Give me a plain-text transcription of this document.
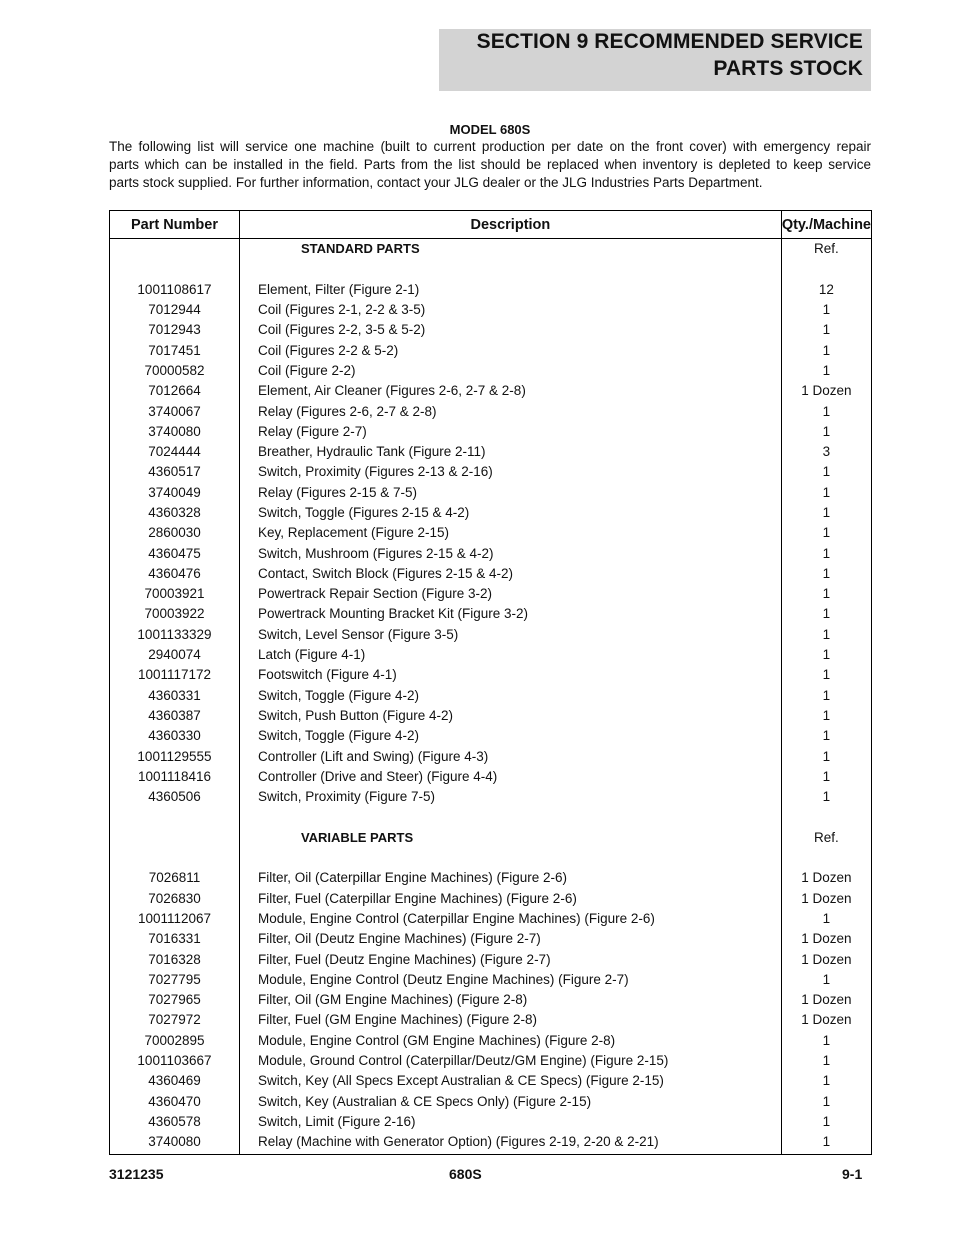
SECTION 9 RECOMMENDED SERVICE
PARTS STOCK
MODEL 680S
The following list will service one machine (built to current production per date on the front cover) with emergency repair
parts which can be installed in the field. Parts from the list should be replaced when inventory is depleted to keep service
parts stock supplied. For further information, contact your JLG dealer or the JLG Industries Parts Department.
Part Number	Description	Qty./Machine
	STANDARD PARTS	Ref.

1001108617	Element, Filter (Figure 2-1)	12
7012944	Coil (Figures 2-1, 2-2 & 3-5)	1
7012943	Coil (Figures 2-2, 3-5 & 5-2)	1
7017451	Coil (Figures 2-2 & 5-2)	1
70000582	Coil (Figure 2-2)	1
7012664	Element, Air Cleaner (Figures 2-6, 2-7 & 2-8)	1 Dozen
3740067	Relay (Figures 2-6, 2-7 & 2-8)	1
3740080	Relay (Figure 2-7)	1
7024444	Breather, Hydraulic Tank (Figure 2-11)	3
4360517	Switch, Proximity (Figures 2-13 & 2-16)	1
3740049	Relay (Figures 2-15 & 7-5)	1
4360328	Switch, Toggle (Figures 2-15 & 4-2)	1
2860030	Key, Replacement (Figure 2-15)	1
4360475	Switch, Mushroom (Figures 2-15 & 4-2)	1
4360476	Contact, Switch Block (Figures 2-15 & 4-2)	1
70003921	Powertrack Repair Section (Figure 3-2)	1
70003922	Powertrack Mounting Bracket Kit (Figure 3-2)	1
1001133329	Switch, Level Sensor (Figure 3-5)	1
2940074	Latch (Figure 4-1)	1
1001117172	Footswitch (Figure 4-1)	1
4360331	Switch, Toggle (Figure 4-2)	1
4360387	Switch, Push Button (Figure 4-2)	1
4360330	Switch, Toggle (Figure 4-2)	1
1001129555	Controller (Lift and Swing) (Figure 4-3)	1
1001118416	Controller (Drive and Steer) (Figure 4-4)	1
4360506	Switch, Proximity (Figure 7-5)	1

	VARIABLE PARTS	Ref.

7026811	Filter, Oil (Caterpillar Engine Machines) (Figure 2-6)	1 Dozen
7026830	Filter, Fuel (Caterpillar Engine Machines) (Figure 2-6)	1 Dozen
1001112067	Module, Engine Control (Caterpillar Engine Machines) (Figure 2-6)	1
7016331	Filter, Oil (Deutz Engine Machines) (Figure 2-7)	1 Dozen
7016328	Filter, Fuel (Deutz Engine Machines) (Figure 2-7)	1 Dozen
7027795	Module, Engine Control (Deutz Engine Machines) (Figure 2-7)	1
7027965	Filter, Oil (GM Engine Machines) (Figure 2-8)	1 Dozen
7027972	Filter, Fuel (GM Engine Machines) (Figure 2-8)	1 Dozen
70002895	Module, Engine Control (GM Engine Machines) (Figure 2-8)	1
1001103667	Module, Ground Control (Caterpillar/Deutz/GM Engine) (Figure 2-15)	1
4360469	Switch, Key (All Specs Except Australian & CE Specs) (Figure 2-15)	1
4360470	Switch, Key (Australian & CE Specs Only) (Figure 2-15)	1
4360578	Switch, Limit (Figure 2-16)	1
3740080	Relay (Machine with Generator Option) (Figures 2-19, 2-20 & 2-21)	1
3121235	680S	9-1
